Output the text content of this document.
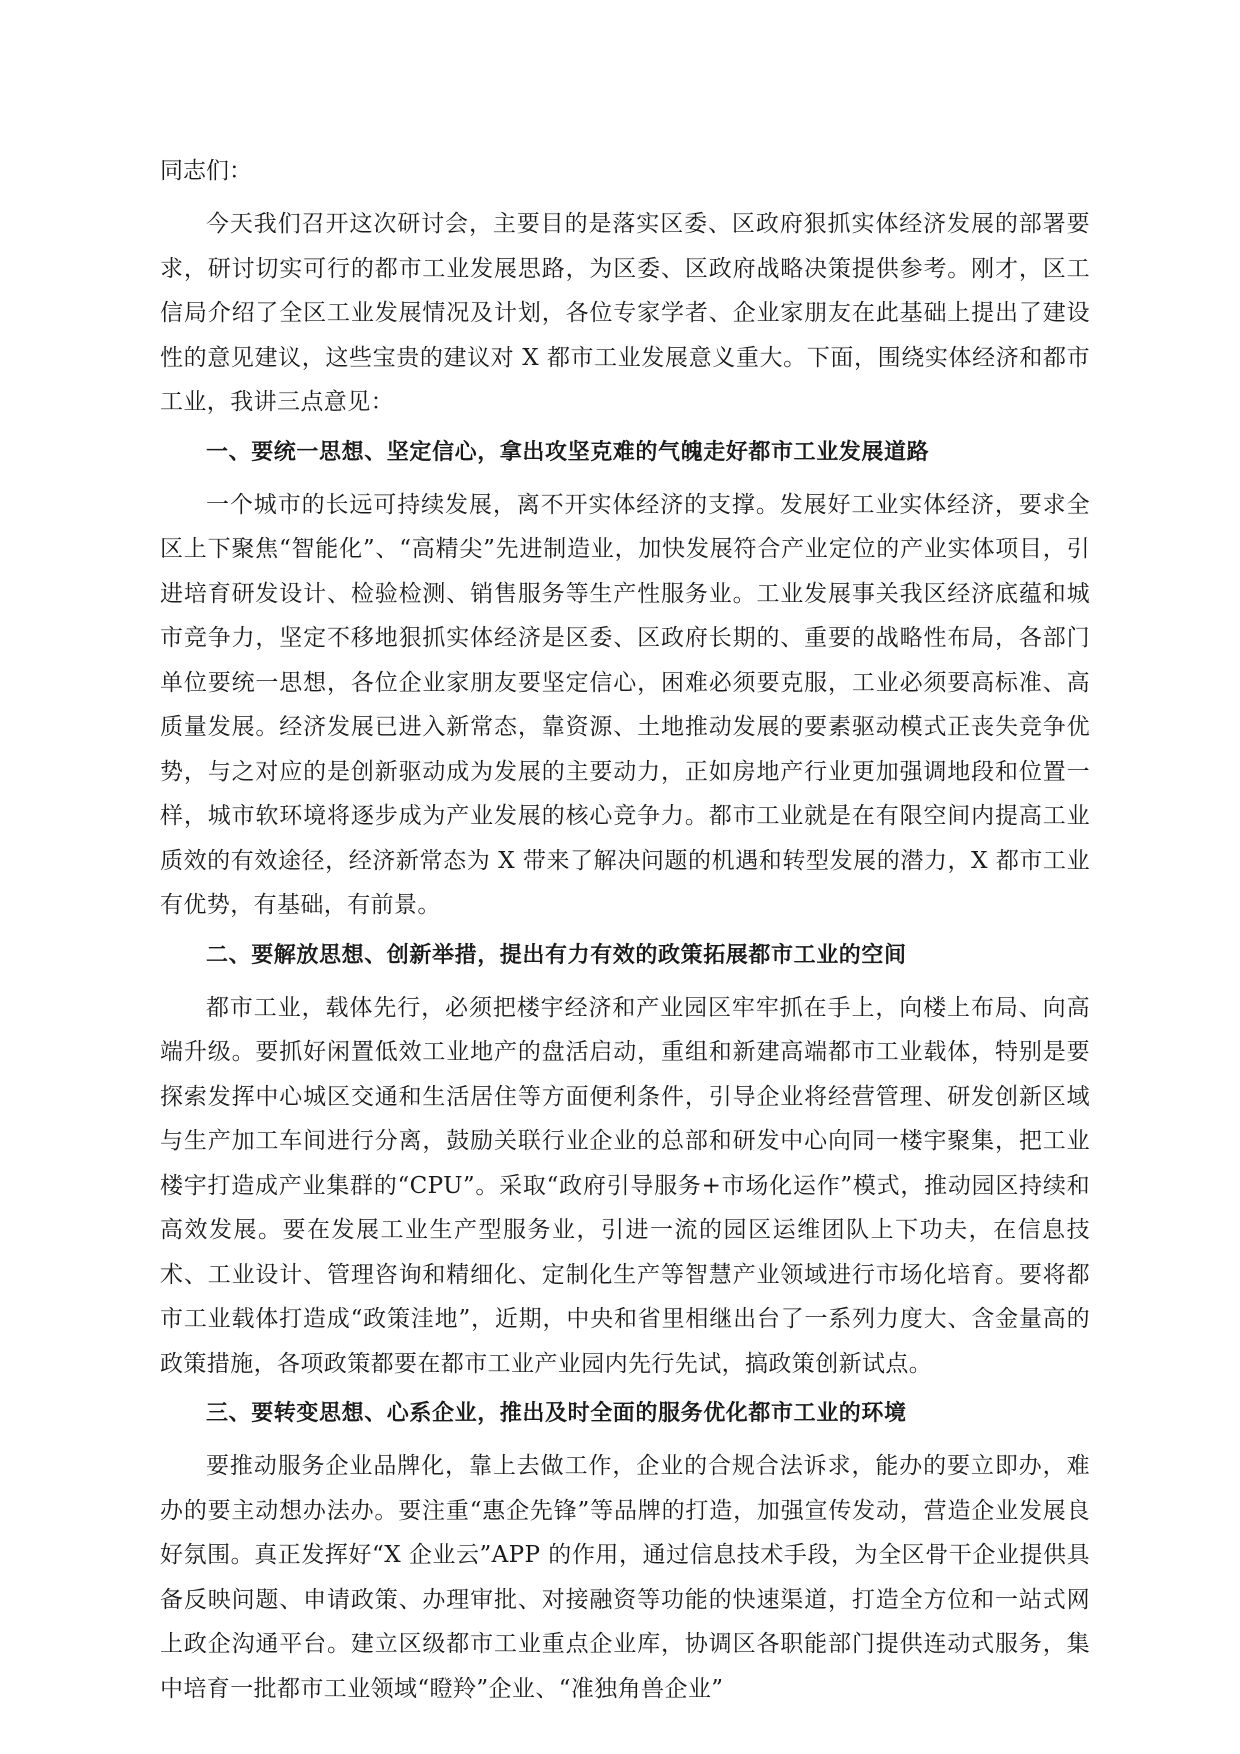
同志们：

今天我们召开这次研讨会，主要目的是落实区委、区政府狠抓实体经济发展的部署要求，研讨切实可行的都市工业发展思路，为区委、区政府战略决策提供参考。刚才，区工信局介绍了全区工业发展情况及计划，各位专家学者、企业家朋友在此基础上提出了建设性的意见建议，这些宝贵的建议对 X 都市工业发展意义重大。下面，围绕实体经济和都市工业，我讲三点意见：

一、要统一思想、坚定信心，拿出攻坚克难的气魄走好都市工业发展道路

一个城市的长远可持续发展，离不开实体经济的支撑。发展好工业实体经济，要求全区上下聚焦“智能化”、“高精尖”先进制造业，加快发展符合产业定位的产业实体项目，引进培育研发设计、检验检测、销售服务等生产性服务业。工业发展事关我区经济底蕴和城市竞争力，坚定不移地狠抓实体经济是区委、区政府长期的、重要的战略性布局，各部门单位要统一思想，各位企业家朋友要坚定信心，困难必须要克服，工业必须要高标准、高质量发展。经济发展已进入新常态，靠资源、土地推动发展的要素驱动模式正丧失竞争优势，与之对应的是创新驱动成为发展的主要动力，正如房地产行业更加强调地段和位置一样，城市软环境将逐步成为产业发展的核心竞争力。都市工业就是在有限空间内提高工业质效的有效途径，经济新常态为 X 带来了解决问题的机遇和转型发展的潜力，X 都市工业有优势，有基础，有前景。

二、要解放思想、创新举措，提出有力有效的政策拓展都市工业的空间

都市工业，载体先行，必须把楼宇经济和产业园区牢牢抓在手上，向楼上布局、向高端升级。要抓好闲置低效工业地产的盘活启动，重组和新建高端都市工业载体，特别是要探索发挥中心城区交通和生活居住等方面便利条件，引导企业将经营管理、研发创新区域与生产加工车间进行分离，鼓励关联行业企业的总部和研发中心向同一楼宇聚集，把工业楼宇打造成产业集群的“CPU”。采取“政府引导服务+市场化运作”模式，推动园区持续和高效发展。要在发展工业生产型服务业，引进一流的园区运维团队上下功夫，在信息技术、工业设计、管理咨询和精细化、定制化生产等智慧产业领域进行市场化培育。要将都市工业载体打造成“政策洼地”，近期，中央和省里相继出台了一系列力度大、含金量高的政策措施，各项政策都要在都市工业产业园内先行先试，搞政策创新试点。

三、要转变思想、心系企业，推出及时全面的服务优化都市工业的环境

要推动服务企业品牌化，靠上去做工作，企业的合规合法诉求，能办的要立即办，难办的要主动想办法办。要注重“惠企先锋”等品牌的打造，加强宣传发动，营造企业发展良好氛围。真正发挥好“X 企业云”APP 的作用，通过信息技术手段，为全区骨干企业提供具备反映问题、申请政策、办理审批、对接融资等功能的快速渠道，打造全方位和一站式网上政企沟通平台。建立区级都市工业重点企业库，协调区各职能部门提供连动式服务，集中培育一批都市工业领域“瞪羚”企业、“准独角兽企业”
